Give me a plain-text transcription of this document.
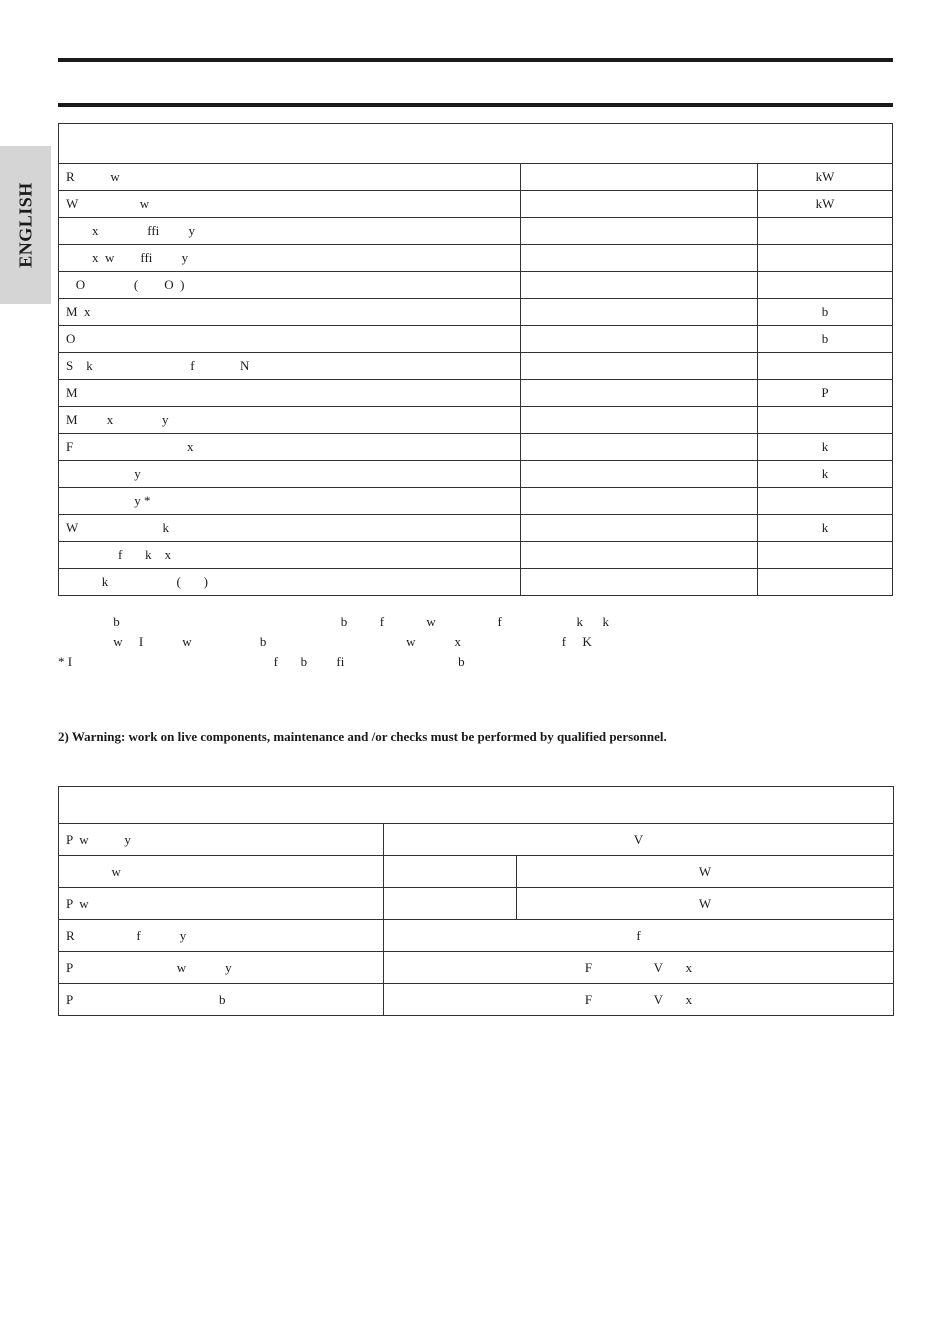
ENGLISH

R           w		kW
W                   w		kW
x               ffi         y		
x  w        ffi         y		
O               (        O  )		
M  x		b
O		b
S    k                              f              N		
M		P
M         x               y		
F                                   x		k
y		k
y *		
W                          k		k
f       k    x		
k                     (       )		
b                                                                    b          f             w                   f                       k      k
w     I            w                     b                                           w            x                               f     K
* I                                                              f       b         fi                                   b
2) Warning: work on live components, maintenance and /or checks must be performed by qualified personnel.

P  w           y	V	
w		W
P  w		W
R                   f            y	f	
P                                w            y	F                   V       x	
P                                             b	F                   V       x	
